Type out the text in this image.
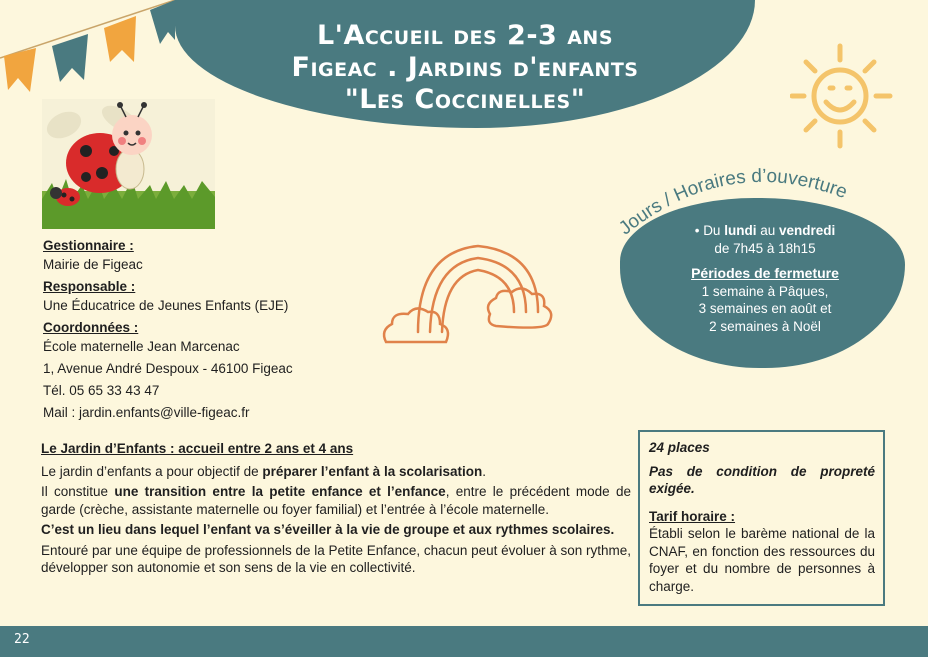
L'Accueil des 2-3 ans
Figeac . Jardins d'enfants
"Les Coccinelles"
Gestionnaire :
Mairie de Figeac
Responsable :
Une Éducatrice de Jeunes Enfants (EJE)
Coordonnées :
École maternelle Jean Marcenac
1, Avenue André Despoux - 46100 Figeac
Tél. 05 65 33 43 47
Mail : jardin.enfants@ville-figeac.fr
Jours / Horaires d’ouverture
• Du lundi au vendredi
de 7h45 à 18h15
Périodes de fermeture
1 semaine à Pâques,
3 semaines en août et
2 semaines à Noël

Le Jardin d’Enfants : accueil entre 2 ans et 4 ans

Le jardin d’enfants a pour objectif de préparer l’enfant à la scolarisation.

Il constitue une transition entre la petite enfance et l’enfance, entre le précédent mode de garde (crèche, assistante maternelle ou foyer familial) et l’entrée à l’école maternelle.

C’est un lieu dans lequel l’enfant va s’éveiller à la vie de groupe et aux rythmes scolaires.

Entouré par une équipe de professionnels de la Petite Enfance, chacun peut évoluer à son rythme, développer son autonomie et son sens de la vie en collectivité.

24 places
Pas de condition de propreté exigée.
Tarif horaire :
Établi selon le barème national de la CNAF, en fonction des ressources du foyer et du nombre de personnes à charge.
22
